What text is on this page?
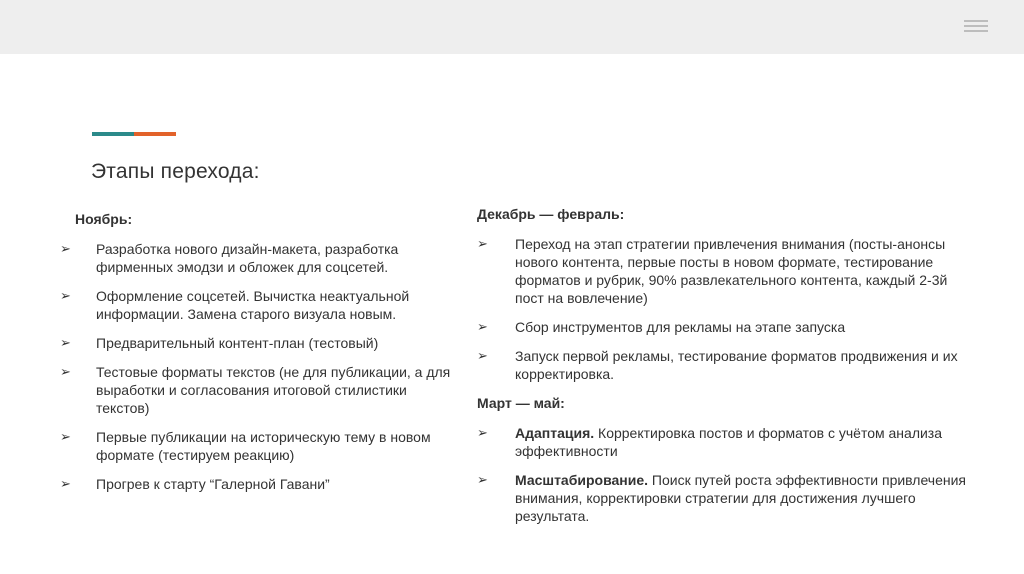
Этапы перехода:
Ноябрь:
➢	Разработка нового дизайн-макета, разработка фирменных эмодзи и обложек для соцсетей.
➢	Оформление соцсетей. Вычистка неактуальной информации. Замена старого визуала новым.
➢	Предварительный контент-план (тестовый)
➢	Тестовые форматы текстов (не для публикации, а для выработки и согласования итоговой стилистики текстов)
➢	Первые публикации на историческую тему в новом формате (тестируем реакцию)
➢	Прогрев к старту “Галерной Гавани”
Декабрь — февраль:
➢	Переход на этап стратегии привлечения внимания (посты-анонсы нового контента, первые посты в новом формате, тестирование форматов и рубрик, 90% развлекательного контента, каждый 2-3й пост на вовлечение)
➢	Сбор инструментов для рекламы на этапе запуска
➢	Запуск первой рекламы, тестирование форматов продвижения и их корректировка.
Март — май:
➢	Адаптация. Корректировка постов и форматов с учётом анализа эффективности
➢	Масштабирование. Поиск путей роста эффективности привлечения внимания, корректировки стратегии для достижения лучшего результата.
